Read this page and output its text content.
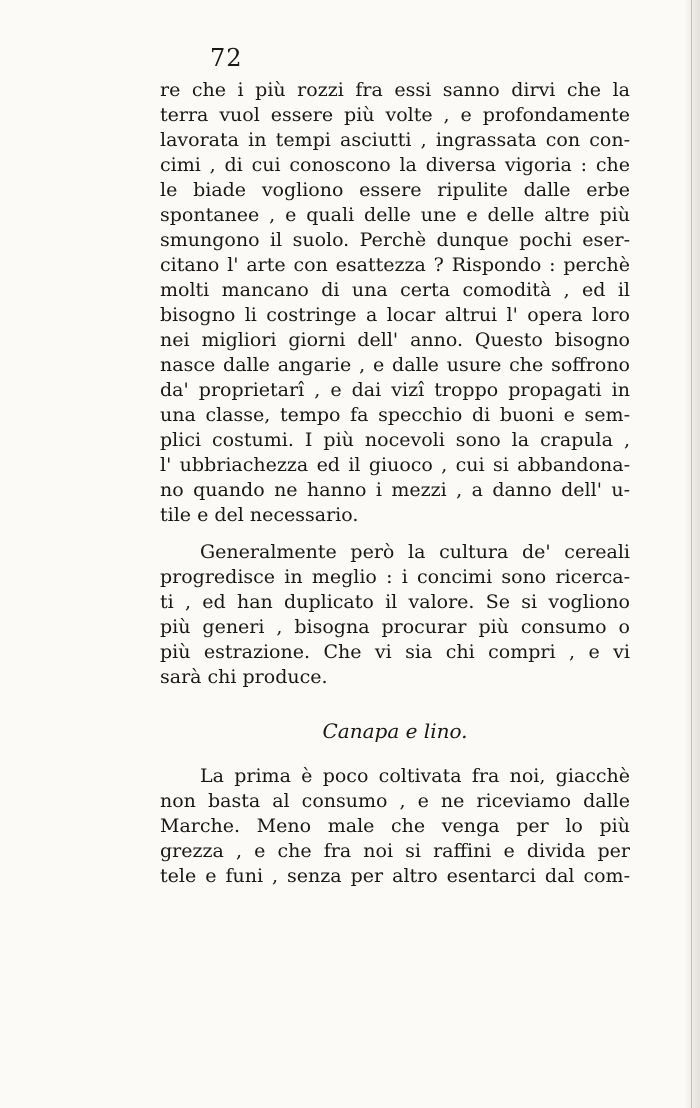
72
re che i più rozzi fra essi sanno dirvi che la
terra vuol essere più volte , e profondamente
lavorata in tempi asciutti , ingrassata con con-
cimi , di cui conoscono la diversa vigoria : che
le biade vogliono essere ripulite dalle erbe
spontanee , e quali delle une e delle altre più
smungono il suolo. Perchè dunque pochi eser-
citano l' arte con esattezza ? Rispondo : perchè
molti mancano di una certa comodità , ed il
bisogno li costringe a locar altrui l' opera loro
nei migliori giorni dell' anno. Questo bisogno
nasce dalle angarie , e dalle usure che soffrono
da' proprietarî , e dai vizî troppo propagati in
una classe, tempo fa specchio di buoni e sem-
plici costumi. I più nocevoli sono la crapula ,
l' ubbriachezza ed il giuoco , cui si abbandona-
no quando ne hanno i mezzi , a danno dell' u-
tile e del necessario.
Generalmente però la cultura de' cereali
progredisce in meglio : i concimi sono ricerca-
ti , ed han duplicato il valore. Se si vogliono
più generi , bisogna procurar più consumo o
più estrazione. Che vi sia chi compri , e vi
sarà chi produce.
Canapa e lino.
La prima è poco coltivata fra noi, giacchè
non basta al consumo , e ne riceviamo dalle
Marche. Meno male che venga per lo più
grezza , e che fra noi si raffini e divida per
tele e funi , senza per altro esentarci dal com-
